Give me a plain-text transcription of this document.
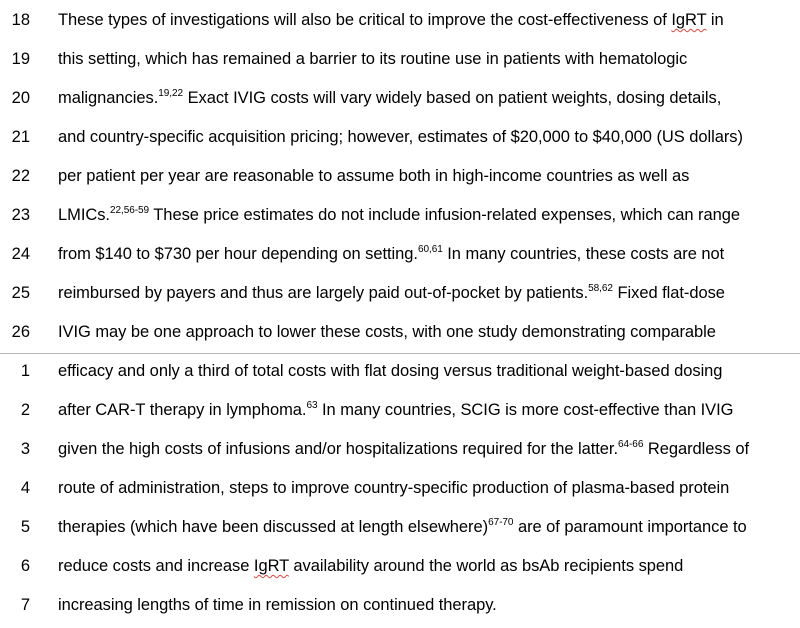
18 These types of investigations will also be critical to improve the cost-effectiveness of IgRT in
19 this setting, which has remained a barrier to its routine use in patients with hematologic
20 malignancies.$^{19,22}$ Exact IVIG costs will vary widely based on patient weights, dosing details,
21 and country-specific acquisition pricing; however, estimates of $20,000 to $40,000 (US dollars)
22 per patient per year are reasonable to assume both in high-income countries as well as
23 LMICs.$^{22,56-59}$ These price estimates do not include infusion-related expenses, which can range
24 from $140 to $730 per hour depending on setting.$^{60,61}$ In many countries, these costs are not
25 reimbursed by payers and thus are largely paid out-of-pocket by patients.$^{58,62}$ Fixed flat-dose
26 IVIG may be one approach to lower these costs, with one study demonstrating comparable
1 efficacy and only a third of total costs with flat dosing versus traditional weight-based dosing
2 after CAR-T therapy in lymphoma.$^{63}$ In many countries, SCIG is more cost-effective than IVIG
3 given the high costs of infusions and/or hospitalizations required for the latter.$^{64-66}$ Regardless of
4 route of administration, steps to improve country-specific production of plasma-based protein
5 therapies (which have been discussed at length elsewhere)$^{67-70}$ are of paramount importance to
6 reduce costs and increase IgRT availability around the world as bsAb recipients spend
7 increasing lengths of time in remission on continued therapy.
